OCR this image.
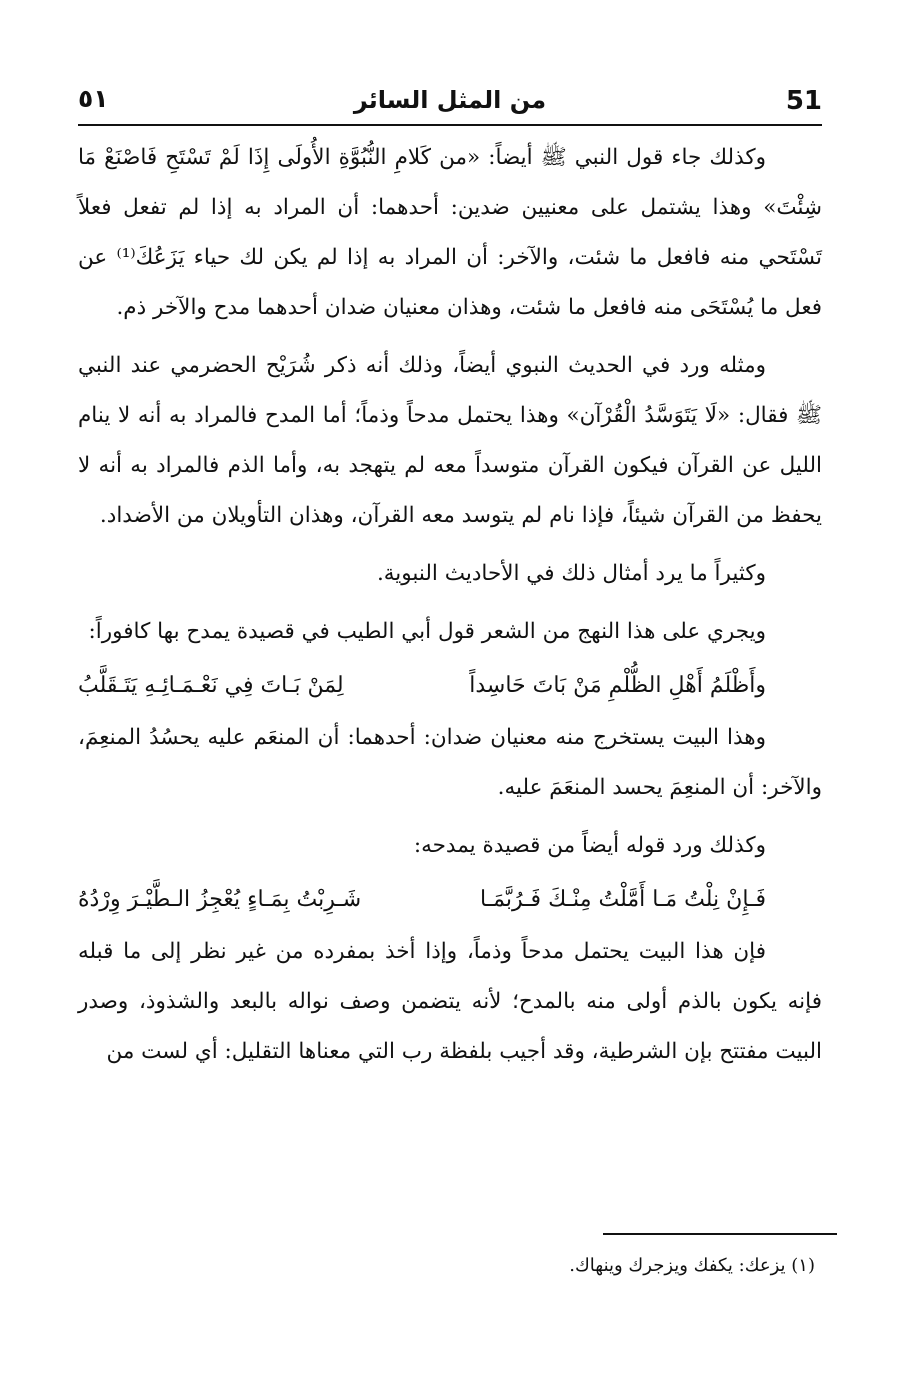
51
من المثل السائر
٥١

وكذلك جاء قول النبي ﷺ أيضاً: «من كَلامِ النُّبُوَّةِ الأُولَى إِذَا لَمْ تَسْتَحِ فَاصْنَعْ مَا شِئْتَ» وهذا يشتمل على معنيين ضدين: أحدهما: أن المراد به إذا لم تفعل فعلاً تَسْتَحي منه فافعل ما شئت، والآخر: أن المراد به إذا لم يكن لك حياء يَزَعُكَ⁽¹⁾ عن فعل ما يُسْتَحَى منه فافعل ما شئت، وهذان معنيان ضدان أحدهما مدح والآخر ذم.

ومثله ورد في الحديث النبوي أيضاً، وذلك أنه ذكر شُرَيْح الحضرمي عند النبي ﷺ فقال: «لَا يَتَوَسَّدُ الْقُرْآن» وهذا يحتمل مدحاً وذماً؛ أما المدح فالمراد به أنه لا ينام الليل عن القرآن فيكون القرآن متوسداً معه لم يتهجد به، وأما الذم فالمراد به أنه لا يحفظ من القرآن شيئاً، فإذا نام لم يتوسد معه القرآن، وهذان التأويلان من الأضداد.

وكثيراً ما يرد أمثال ذلك في الأحاديث النبوية.

ويجري على هذا النهج من الشعر قول أبي الطيب في قصيدة يمدح بها كافوراً:

وأَظْلَمُ أَهْلِ الظُّلْمِ مَنْ بَاتَ حَاسِداً
لِمَنْ بَـاتَ فِي نَعْـمَـائِـهِ يَتَـقَلَّبُ

وهذا البيت يستخرج منه معنيان ضدان: أحدهما: أن المنعَم عليه يحسُدُ المنعِمَ، والآخر: أن المنعِمَ يحسد المنعَمَ عليه.

وكذلك ورد قوله أيضاً من قصيدة يمدحه:

فَـإِنْ نِلْتُ مَـا أَمَّلْتُ مِنْـكَ فَـرُبَّمَـا
شَـرِبْتُ بِمَـاءٍ يُعْجِزُ الـطَّيْـرَ وِرْدُهُ

فإن هذا البيت يحتمل مدحاً وذماً، وإذا أخذ بمفرده من غير نظر إلى ما قبله فإنه يكون بالذم أولى منه بالمدح؛ لأنه يتضمن وصف نواله بالبعد والشذوذ، وصدر البيت مفتتح بإن الشرطية، وقد أجيب بلفظة رب التي معناها التقليل: أي لست من

(١) يزعك: يكفك ويزجرك وينهاك.
